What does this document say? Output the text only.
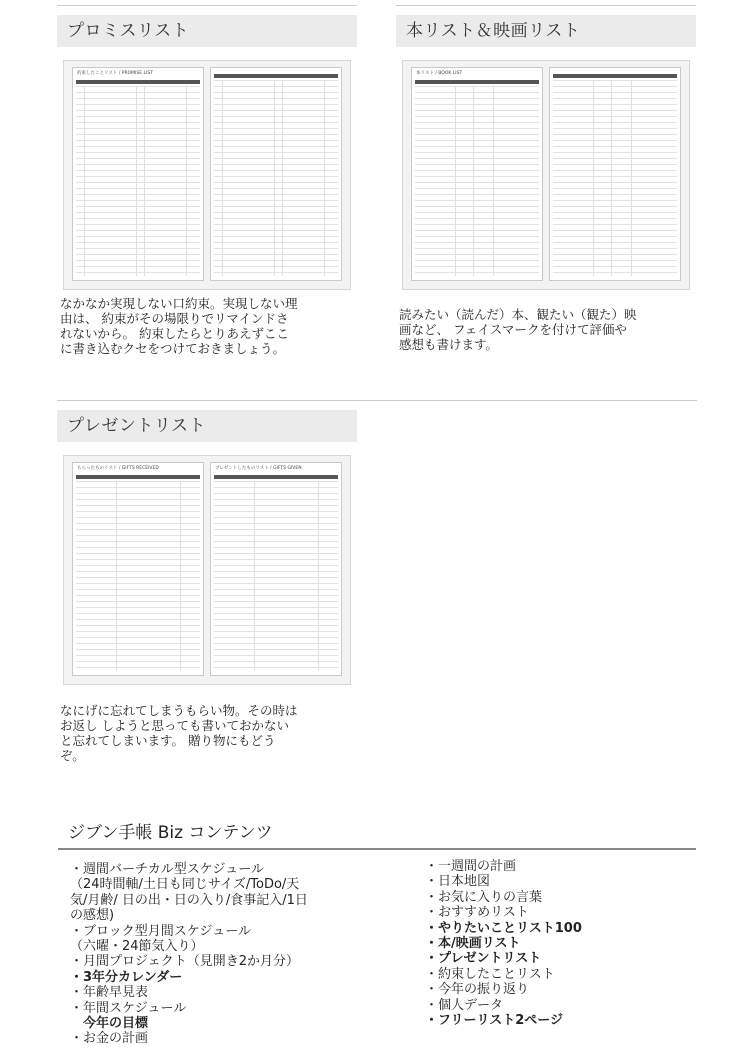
プロミスリスト
約束したことリスト / PROMISE LIST
なかなか実現しない口約束。実現しない理
由は、 約束がその場限りでリマインドさ
れないから。 約束したらとりあえずここ
に書き込むクセをつけておきましょう。
本リスト＆映画リスト
本リスト / BOOK LIST
読みたい（読んだ）本、観たい（観た）映
画など、 フェイスマークを付けて評価や
感想も書けます。
プレゼントリスト
もらったものリスト / GIFTS RECEIVED	プレゼントしたものリスト / GIFTS GIVEN
なにげに忘れてしまうもらい物。その時は
お返し しようと思っても書いておかない
と忘れてしまいます。 贈り物にもどう
ぞ。
ジブン手帳 Biz コンテンツ
・週間バーチカル型スケジュール
（24時間軸/土日も同じサイズ/ToDo/天
気/月齢/ 日の出・日の入り/食事記入/1日
の感想)
・ブロック型月間スケジュール
（六曜・24節気入り）
・月間プロジェクト（見開き2か月分）
・3年分カレンダー
・年齢早見表
・年間スケジュール
　今年の目標
・お金の計画
・一週間の計画
・日本地図
・お気に入りの言葉
・おすすめリスト
・やりたいことリスト100
・本/映画リスト
・プレゼントリスト
・約束したことリスト
・今年の振り返り
・個人データ
・フリーリスト2ページ
